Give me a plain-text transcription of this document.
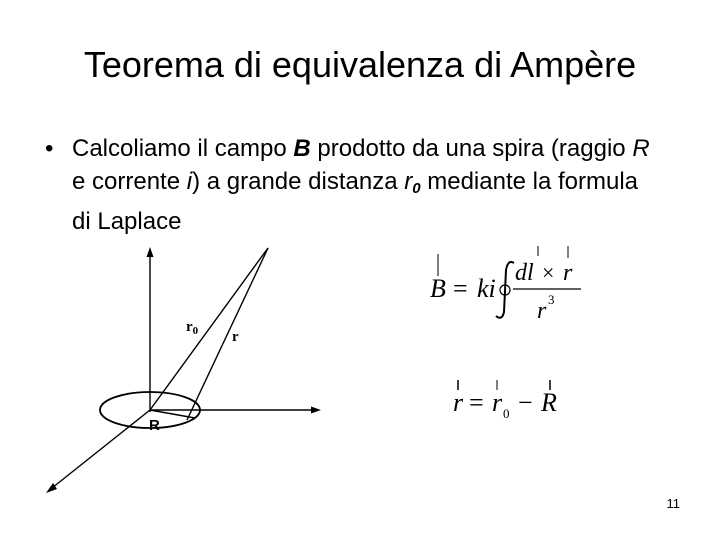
Teorema di equivalenza di Ampère
• Calcoliamo il campo B prodotto da una spira (raggio R e corrente i) a grande distanza $r_0$ mediante la formula di Laplace
$r_0$ r
R
B = ki
dl × r
r 3
r = r 0 − R
11
